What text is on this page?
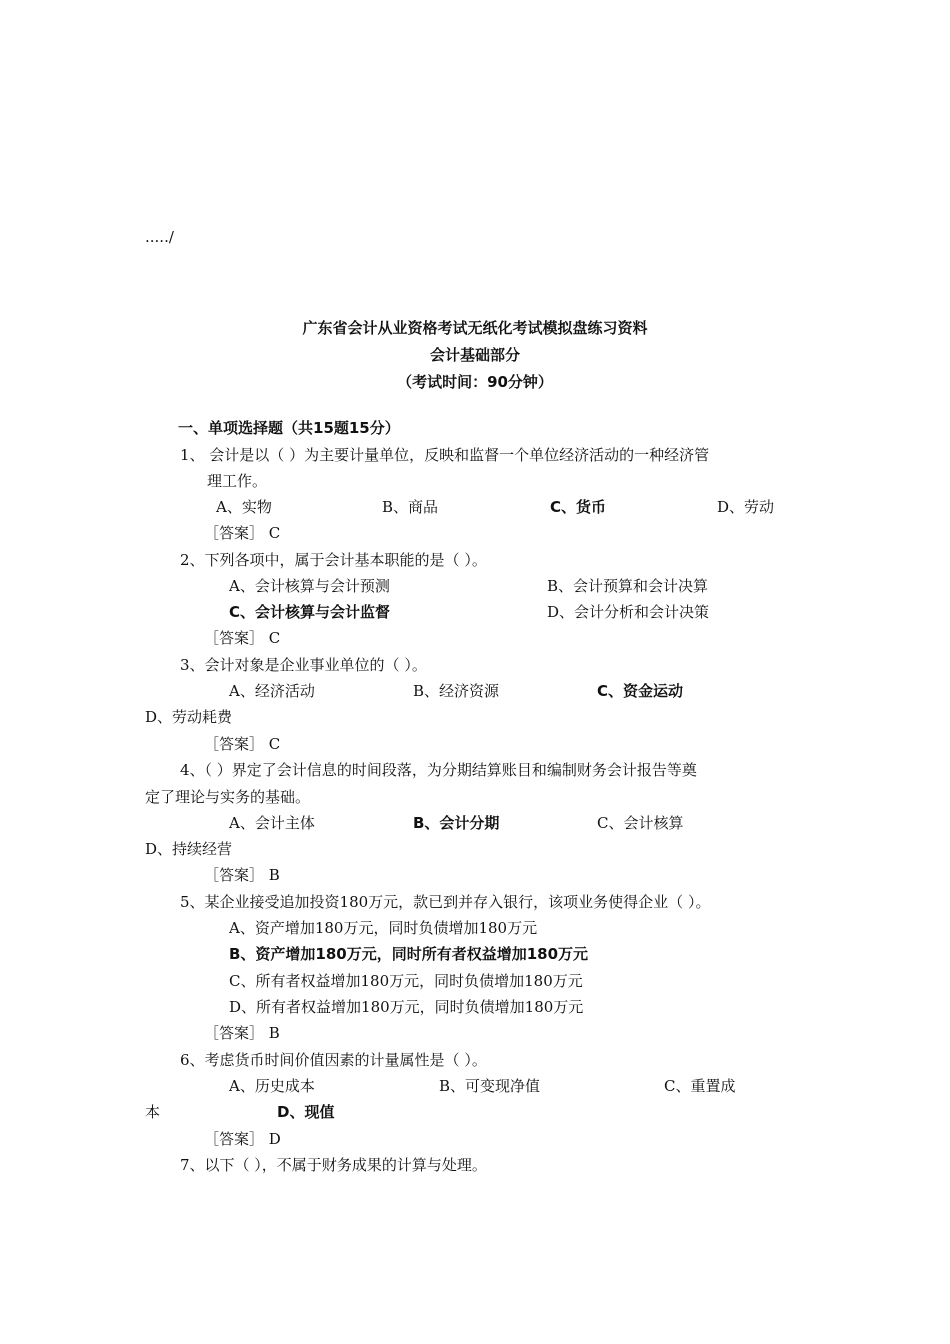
...../
广东省会计从业资格考试无纸化考试模拟盘练习资料
会计基础部分
（考试时间：90分钟）
一、单项选择题（共15题15分）
1、 会计是以（ ）为主要计量单位，反映和监督一个单位经济活动的一种经济管
理工作。
A、实物	B、商品	C、货币	D、劳动
［答案］ C
2、下列各项中，属于会计基本职能的是（ ）。
A、会计核算与会计预测	B、会计预算和会计决算
C、会计核算与会计监督	D、会计分析和会计决策
［答案］ C
3、会计对象是企业事业单位的（ ）。
A、经济活动	B、经济资源	C、资金运动
D、劳动耗费
［答案］ C
4、（ ）界定了会计信息的时间段落，为分期结算账目和编制财务会计报告等奠
定了理论与实务的基础。
A、会计主体	B、会计分期	C、会计核算
D、持续经营
［答案］ B
5、某企业接受追加投资180万元，款已到并存入银行，该项业务使得企业（ ）。
A、资产增加180万元，同时负债增加180万元
B、资产增加180万元，同时所有者权益增加180万元
C、所有者权益增加180万元，同时负债增加180万元
D、所有者权益增加180万元，同时负债增加180万元
［答案］ B
6、考虑货币时间价值因素的计量属性是（ ）。
A、历史成本	B、可变现净值	C、重置成
本	D、现值
［答案］ D
7、以下（ ），不属于财务成果的计算与处理。
